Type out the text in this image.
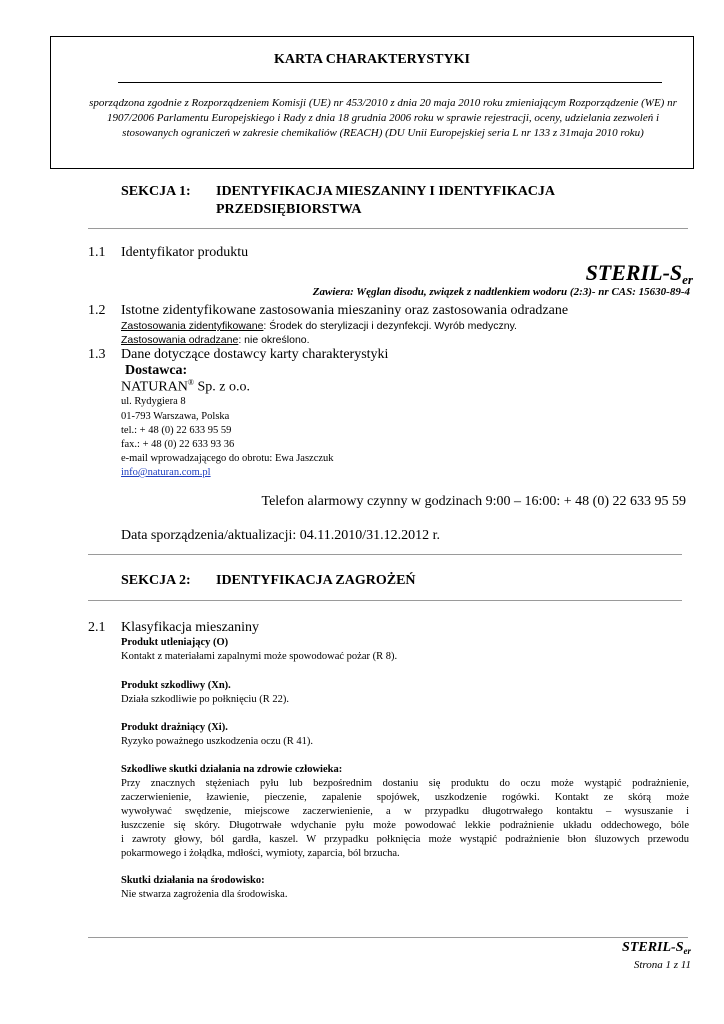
KARTA CHARAKTERYSTYKI
sporządzona zgodnie z Rozporządzeniem Komisji (UE) nr 453/2010 z dnia 20 maja 2010 roku zmieniającym Rozporządzenie (WE) nr 1907/2006 Parlamentu Europejskiego i Rady z dnia 18 grudnia 2006 roku w sprawie rejestracji, oceny, udzielania zezwoleń i stosowanych ograniczeń w zakresie chemikaliów (REACH) (DU Unii Europejskiej seria L nr 133 z 31maja 2010 roku)
SEKCJA 1: IDENTYFIKACJA MIESZANINY I IDENTYFIKACJA
PRZEDSIĘBIORSTWA
1.1 Identyfikator produktu
STERIL-$S_{er}$
Zawiera: Węglan disodu, związek z nadtlenkiem wodoru (2:3)- nr CAS: 15630-89-4
1.2 Istotne zidentyfikowane zastosowania mieszaniny oraz zastosowania odradzane
Zastosowania zidentyfikowane: Środek do sterylizacji i dezynfekcji. Wyrób medyczny.
Zastosowania odradzane: nie określono.
1.3 Dane dotyczące dostawcy karty charakterystyki
Dostawca:
NATURAN® Sp. z o.o.
ul. Rydygiera 8
01-793 Warszawa, Polska
tel.: + 48 (0) 22 633 95 59
fax.: + 48 (0) 22 633 93 36
e-mail wprowadzającego do obrotu: Ewa Jaszczuk
info@naturan.com.pl
Telefon alarmowy czynny w godzinach 9:00 – 16:00: + 48 (0) 22 633 95 59
Data sporządzenia/aktualizacji: 04.11.2010/31.12.2012 r.
SEKCJA 2: IDENTYFIKACJA ZAGROŻEŃ
2.1 Klasyfikacja mieszaniny
Produkt utleniający (O)
Kontakt z materiałami zapalnymi może spowodować pożar (R 8).
Produkt szkodliwy (Xn).
Działa szkodliwie po połknięciu (R 22).
Produkt drażniący (Xi).
Ryzyko poważnego uszkodzenia oczu (R 41).
Szkodliwe skutki działania na zdrowie człowieka:
Przy znacznych stężeniach pyłu lub bezpośrednim dostaniu się produktu do oczu może wystąpić podrażnienie,
zaczerwienienie, łzawienie, pieczenie, zapalenie spojówek, uszkodzenie rogówki. Kontakt ze skórą może
wywoływać swędzenie, miejscowe zaczerwienienie, a w przypadku długotrwałego kontaktu – wysuszanie i
łuszczenie się skóry. Długotrwałe wdychanie pyłu może powodować lekkie podrażnienie układu oddechowego, bóle
i zawroty głowy, ból gardła, kaszel. W przypadku połknięcia może wystąpić podrażnienie błon śluzowych przewodu
pokarmowego i żołądka, mdłości, wymioty, zaparcia, ból brzucha.
Skutki działania na środowisko:
Nie stwarza zagrożenia dla środowiska.
STERIL-$S_{er}$
Strona 1 z 11
